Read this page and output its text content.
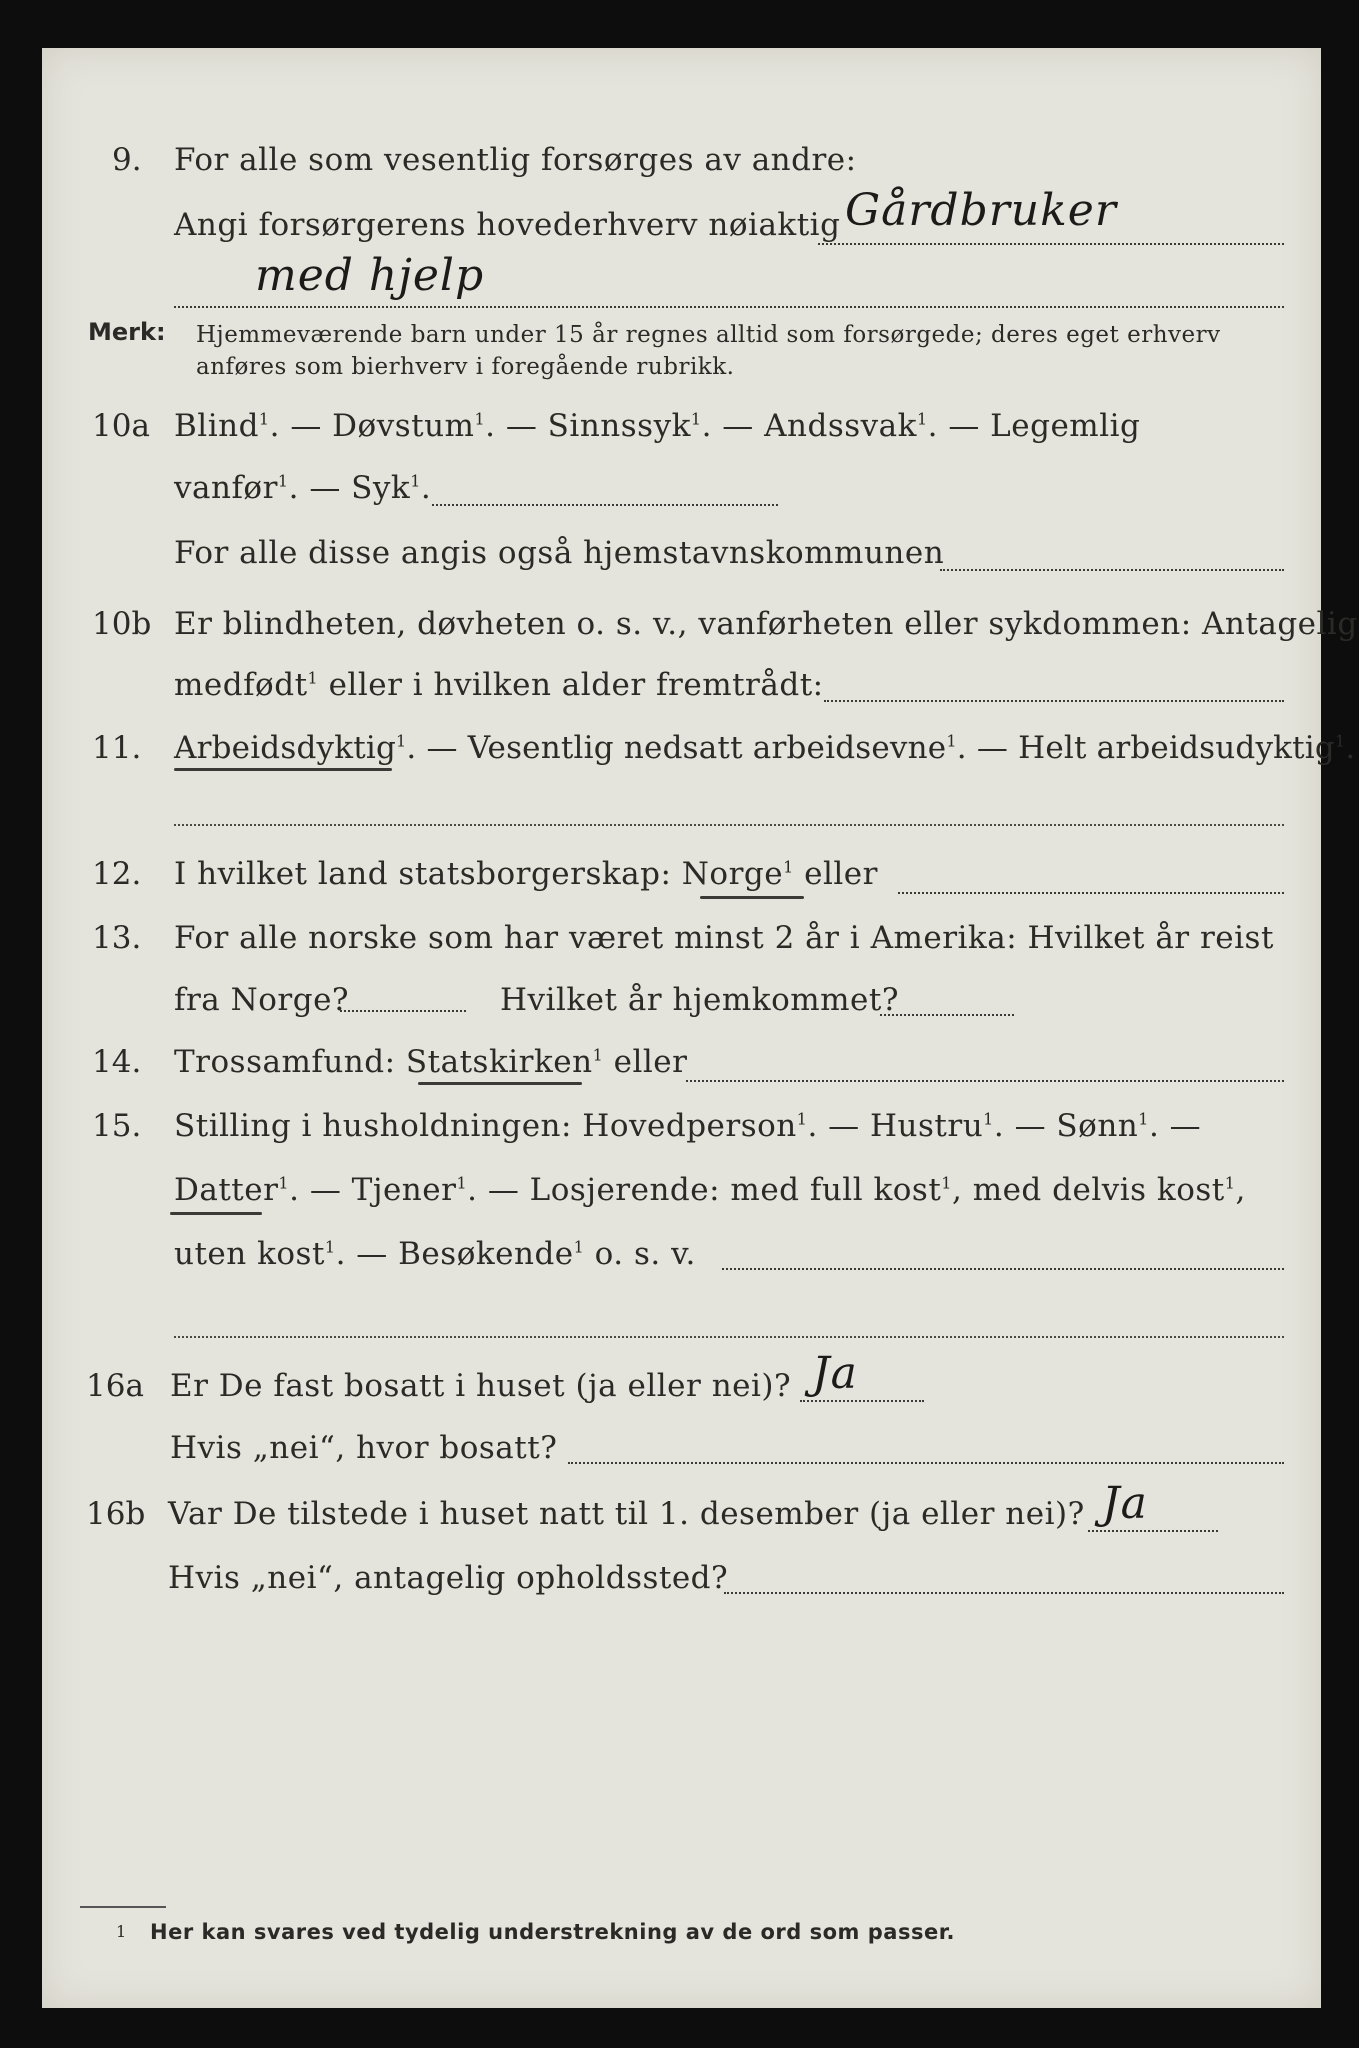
9. For alle som vesentlig forsørges av andre:
Angi forsørgerens hovederhverv nøiaktig Gårdbruker
med hjelp
Merk: Hjemmeværende barn under 15 år regnes alltid som forsørgede; deres eget erhverv
anføres som bierhverv i foregående rubrikk.
10a Blind$^1$. — Døvstum$^1$. — Sinnssyk$^1$. — Andssvak$^1$. — Legemlig
vanfør$^1$. — Syk$^1$.
For alle disse angis også hjemstavnskommunen
10b Er blindheten, døvheten o. s. v., vanførheten eller sykdommen: Antagelig
medfødt$^1$ eller i hvilken alder fremtrådt:
11. Arbeidsdyktig$^1$. — Vesentlig nedsatt arbeidsevne$^1$. — Helt arbeidsudyktig$^1$.
12. I hvilket land statsborgerskap: Norge$^1$ eller
13. For alle norske som har været minst 2 år i Amerika: Hvilket år reist
fra Norge?	Hvilket år hjemkommet?
14. Trossamfund: Statskirken$^1$ eller
15. Stilling i husholdningen: Hovedperson$^1$. — Hustru$^1$. — Sønn$^1$. —
Datter$^1$. — Tjener$^1$. — Losjerende: med full kost$^1$, med delvis kost$^1$,
uten kost$^1$. — Besøkende$^1$ o. s. v.
16a Er De fast bosatt i huset (ja eller nei)? Ja
Hvis „nei“, hvor bosatt?
16b Var De tilstede i huset natt til 1. desember (ja eller nei)? Ja
Hvis „nei“, antagelig opholdssted?
1 Her kan svares ved tydelig understrekning av de ord som passer.
